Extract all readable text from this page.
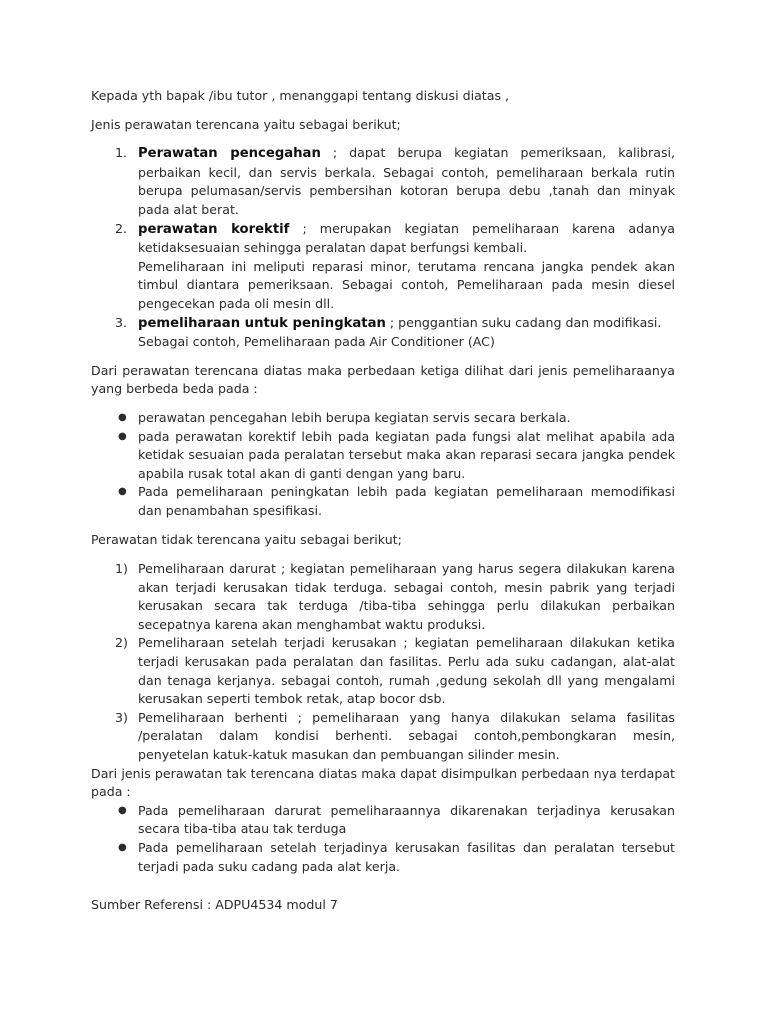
Kepada yth bapak /ibu tutor , menanggapi tentang diskusi diatas ,

Jenis perawatan terencana yaitu sebagai berikut;

1. Perawatan pencegahan ; dapat berupa kegiatan pemeriksaan, kalibrasi, perbaikan kecil, dan servis berkala. Sebagai contoh, pemeliharaan berkala rutin berupa pelumasan/servis pembersihan kotoran berupa debu ,tanah dan minyak pada alat berat.
2. perawatan korektif ; merupakan kegiatan pemeliharaan karena adanya ketidaksesuaian sehingga peralatan dapat berfungsi kembali.
Pemeliharaan ini meliputi reparasi minor, terutama rencana jangka pendek akan timbul diantara pemeriksaan. Sebagai contoh, Pemeliharaan pada mesin diesel pengecekan pada oli mesin dll.
3. pemeliharaan untuk peningkatan ; penggantian suku cadang dan modifikasi.
Sebagai contoh, Pemeliharaan pada Air Conditioner (AC)

Dari perawatan terencana diatas maka perbedaan ketiga dilihat dari jenis pemeliharaanya yang berbeda beda pada :

● perawatan pencegahan lebih berupa kegiatan servis secara berkala.
● pada perawatan korektif lebih pada kegiatan pada fungsi alat melihat apabila ada ketidak sesuaian pada peralatan tersebut maka akan reparasi secara jangka pendek apabila rusak total akan di ganti dengan yang baru.
● Pada pemeliharaan peningkatan lebih pada kegiatan pemeliharaan memodifikasi dan penambahan spesifikasi.

Perawatan tidak terencana yaitu sebagai berikut;

1) Pemeliharaan darurat ; kegiatan pemeliharaan yang harus segera dilakukan karena akan terjadi kerusakan tidak terduga. sebagai contoh, mesin pabrik yang terjadi kerusakan secara tak terduga /tiba-tiba sehingga perlu dilakukan perbaikan secepatnya karena akan menghambat waktu produksi.
2) Pemeliharaan setelah terjadi kerusakan ; kegiatan pemeliharaan dilakukan ketika terjadi kerusakan pada peralatan dan fasilitas. Perlu ada suku cadangan, alat-alat dan tenaga kerjanya. sebagai contoh, rumah ,gedung sekolah dll yang mengalami kerusakan seperti tembok retak, atap bocor dsb.
3) Pemeliharaan berhenti ; pemeliharaan yang hanya dilakukan selama fasilitas /peralatan dalam kondisi berhenti. sebagai contoh,pembongkaran mesin, penyetelan katuk-katuk masukan dan pembuangan silinder mesin.

Dari jenis perawatan tak terencana diatas maka dapat disimpulkan perbedaan nya terdapat pada :

● Pada pemeliharaan darurat pemeliharaannya dikarenakan terjadinya kerusakan secara tiba-tiba atau tak terduga
● Pada pemeliharaan setelah terjadinya kerusakan fasilitas dan peralatan tersebut terjadi pada suku cadang pada alat kerja.

Sumber Referensi : ADPU4534 modul 7
